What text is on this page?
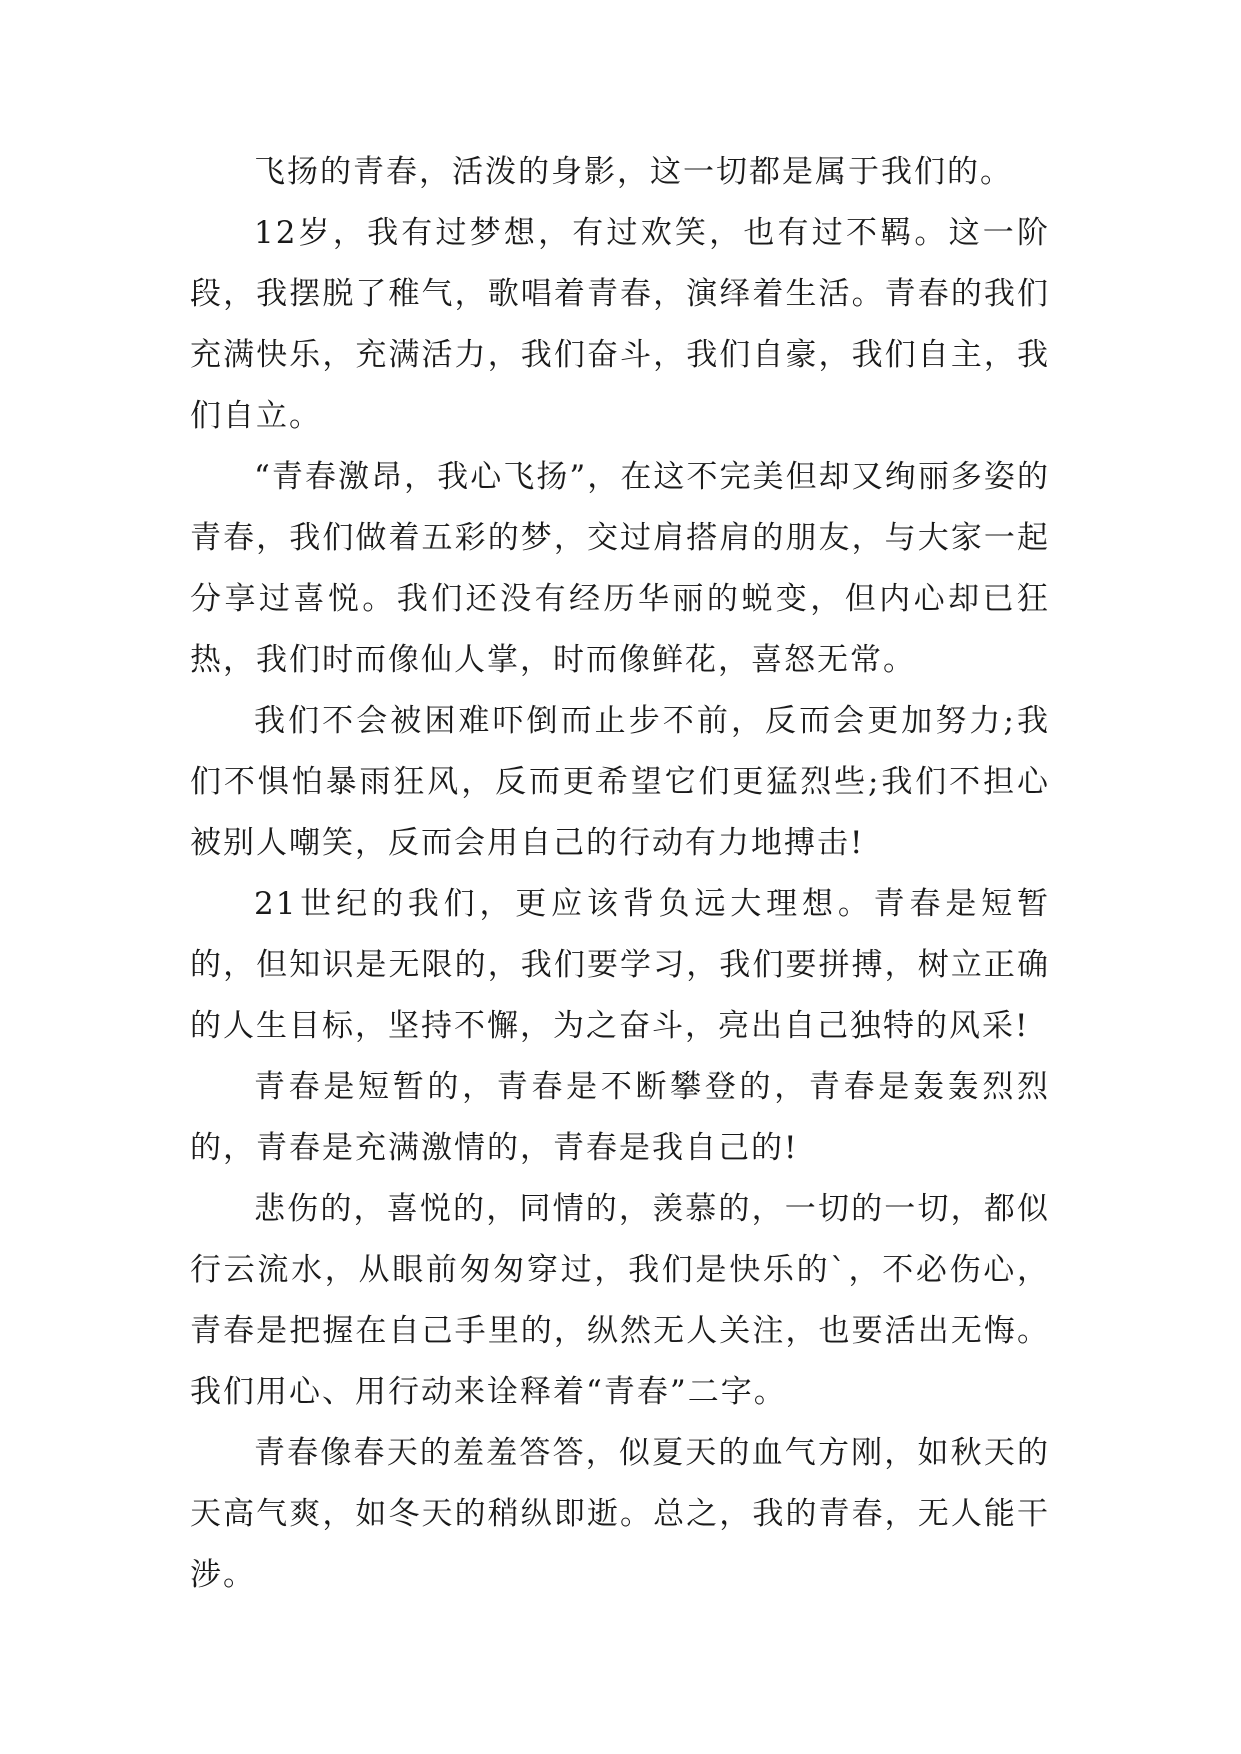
飞扬的青春，活泼的身影，这一切都是属于我们的。

12岁，我有过梦想，有过欢笑，也有过不羁。这一阶段，我摆脱了稚气，歌唱着青春，演绎着生活。青春的我们充满快乐，充满活力，我们奋斗，我们自豪，我们自主，我们自立。

“青春激昂，我心飞扬”，在这不完美但却又绚丽多姿的青春，我们做着五彩的梦，交过肩搭肩的朋友，与大家一起分享过喜悦。我们还没有经历华丽的蜕变，但内心却已狂热，我们时而像仙人掌，时而像鲜花，喜怒无常。

我们不会被困难吓倒而止步不前，反而会更加努力;我们不惧怕暴雨狂风，反而更希望它们更猛烈些;我们不担心被别人嘲笑，反而会用自己的行动有力地搏击!

21世纪的我们，更应该背负远大理想。青春是短暂的，但知识是无限的，我们要学习，我们要拼搏，树立正确的人生目标，坚持不懈，为之奋斗，亮出自己独特的风采!

青春是短暂的，青春是不断攀登的，青春是轰轰烈烈的，青春是充满激情的，青春是我自己的!

悲伤的，喜悦的，同情的，羡慕的，一切的一切，都似行云流水，从眼前匆匆穿过，我们是快乐的`，不必伤心，青春是把握在自己手里的，纵然无人关注，也要活出无悔。我们用心、用行动来诠释着“青春”二字。

青春像春天的羞羞答答，似夏天的血气方刚，如秋天的天高气爽，如冬天的稍纵即逝。总之，我的青春，无人能干涉。
